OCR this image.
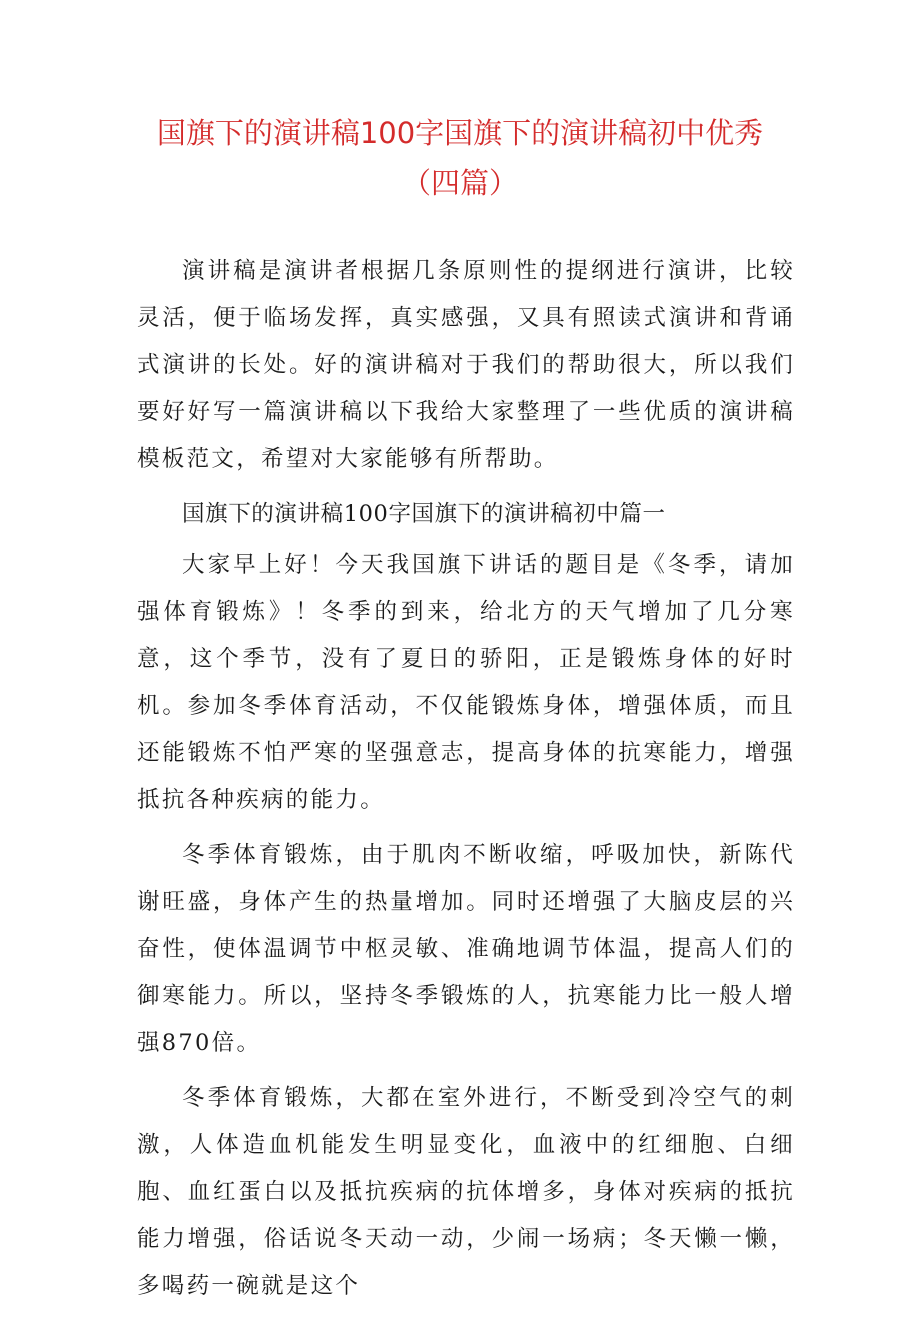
国旗下的演讲稿100字国旗下的演讲稿初中优秀（四篇）

演讲稿是演讲者根据几条原则性的提纲进行演讲，比较灵活，便于临场发挥，真实感强，又具有照读式演讲和背诵式演讲的长处。好的演讲稿对于我们的帮助很大，所以我们要好好写一篇演讲稿以下我给大家整理了一些优质的演讲稿模板范文，希望对大家能够有所帮助。

国旗下的演讲稿100字国旗下的演讲稿初中篇一

大家早上好！今天我国旗下讲话的题目是《冬季，请加强体育锻炼》！冬季的到来，给北方的天气增加了几分寒意，这个季节，没有了夏日的骄阳，正是锻炼身体的好时机。参加冬季体育活动，不仅能锻炼身体，增强体质，而且还能锻炼不怕严寒的坚强意志，提高身体的抗寒能力，增强抵抗各种疾病的能力。

冬季体育锻炼，由于肌肉不断收缩，呼吸加快，新陈代谢旺盛，身体产生的热量增加。同时还增强了大脑皮层的兴奋性，使体温调节中枢灵敏、准确地调节体温，提高人们的御寒能力。所以，坚持冬季锻炼的人，抗寒能力比一般人增强870倍。

冬季体育锻炼，大都在室外进行，不断受到冷空气的刺激，人体造血机能发生明显变化，血液中的红细胞、白细胞、血红蛋白以及抵抗疾病的抗体增多，身体对疾病的抵抗能力增强，俗话说冬天动一动，少闹一场病；冬天懒一懒，多喝药一碗就是这个
